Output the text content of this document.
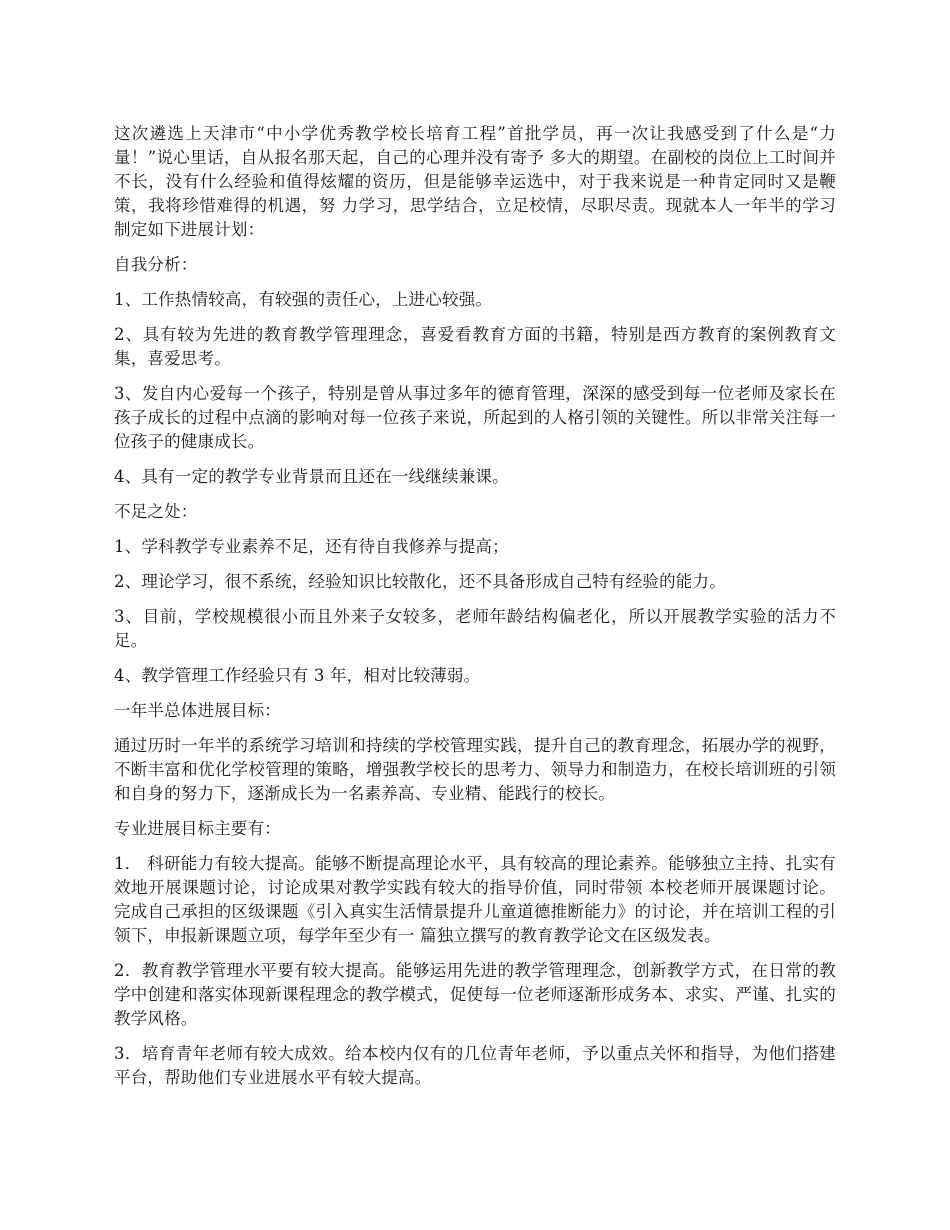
这次遴选上天津市“中小学优秀教学校长培育工程”首批学员，再一次让我感受到了什么是“力量！”说心里话，自从报名那天起，自己的心理并没有寄予 多大的期望。在副校的岗位上工时间并不长，没有什么经验和值得炫耀的资历，但是能够幸运选中，对于我来说是一种肯定同时又是鞭策，我将珍惜难得的机遇，努 力学习，思学结合，立足校情，尽职尽责。现就本人一年半的学习制定如下进展计划：

自我分析：

1、工作热情较高，有较强的责任心，上进心较强。

2、具有较为先进的教育教学管理理念，喜爱看教育方面的书籍，特别是西方教育的案例教育文集，喜爱思考。

3、发自内心爱每一个孩子，特别是曾从事过多年的德育管理，深深的感受到每一位老师及家长在孩子成长的过程中点滴的影响对每一位孩子来说，所起到的人格引领的关键性。所以非常关注每一位孩子的健康成长。

4、具有一定的教学专业背景而且还在一线继续兼课。

不足之处：

1、学科教学专业素养不足，还有待自我修养与提高；

2、理论学习，很不系统，经验知识比较散化，还不具备形成自己特有经验的能力。

3、目前，学校规模很小而且外来子女较多，老师年龄结构偏老化，所以开展教学实验的活力不足。

4、教学管理工作经验只有 3 年，相对比较薄弱。

一年半总体进展目标：

通过历时一年半的系统学习培训和持续的学校管理实践，提升自己的教育理念，拓展办学的视野，不断丰富和优化学校管理的策略，增强教学校长的思考力、领导力和制造力，在校长培训班的引领和自身的努力下，逐渐成长为一名素养高、专业精、能践行的校长。

专业进展目标主要有：

1． 科研能力有较大提高。能够不断提高理论水平，具有较高的理论素养。能够独立主持、扎实有效地开展课题讨论，讨论成果对教学实践有较大的指导价值，同时带领 本校老师开展课题讨论。完成自己承担的区级课题《引入真实生活情景提升儿童道德推断能力》的讨论，并在培训工程的引领下，申报新课题立项，每学年至少有一 篇独立撰写的教育教学论文在区级发表。

2．教育教学管理水平要有较大提高。能够运用先进的教学管理理念，创新教学方式，在日常的教学中创建和落实体现新课程理念的教学模式，促使每一位老师逐渐形成务本、求实、严谨、扎实的教学风格。

3．培育青年老师有较大成效。给本校内仅有的几位青年老师，予以重点关怀和指导，为他们搭建平台，帮助他们专业进展水平有较大提高。
